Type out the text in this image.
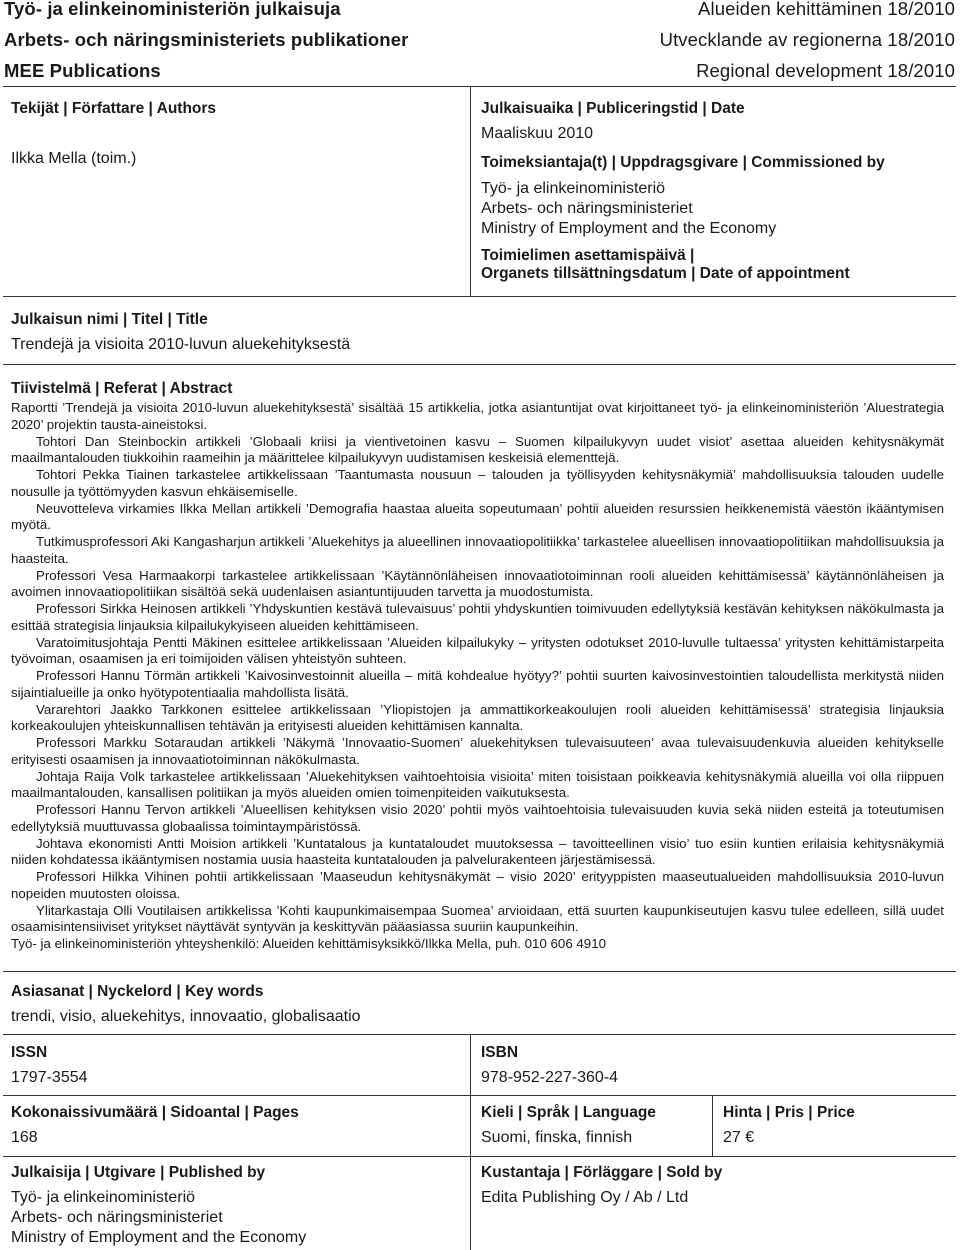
Työ- ja elinkeinoministeriön julkaisuja
Arbets- och näringsministeriets publikationer
MEE Publications
Alueiden kehittäminen 18/2010
Utvecklande av regionerna 18/2010
Regional development 18/2010
Tekijät | Författare | Authors
Ilkka Mella (toim.)
Julkaisuaika | Publiceringstid | Date
Maaliskuu 2010
Toimeksiantaja(t) | Uppdragsgivare | Commissioned by
Työ- ja elinkeinoministeriö
Arbets- och näringsministeriet
Ministry of Employment and the Economy
Toimielimen asettamispäivä |
Organets tillsättningsdatum | Date of appointment
Julkaisun nimi | Titel | Title
Trendejä ja visioita 2010-luvun aluekehityksestä
Tiivistelmä | Referat | Abstract

Raportti ’Trendejä ja visioita 2010-luvun aluekehityksestä’ sisältää 15 artikkelia, jotka asiantuntijat ovat kirjoittaneet työ- ja elinkeinoministeriön ’Aluestrategia 2020’ projektin tausta-aineistoksi.

Tohtori Dan Steinbockin artikkeli ’Globaali kriisi ja vientivetoinen kasvu – Suomen kilpailukyvyn uudet visiot’ asettaa alueiden kehitysnäkymät maailmantalouden tiukkoihin raameihin ja määrittelee kilpailukyvyn uudistamisen keskeisiä elementtejä.

Tohtori Pekka Tiainen tarkastelee artikkelissaan ’Taantumasta nousuun – talouden ja työllisyyden kehitysnäkymiä’ mahdollisuuksia talouden uudelle nousulle ja työttömyyden kasvun ehkäisemiselle.

Neuvotteleva virkamies Ilkka Mellan artikkeli ’Demografia haastaa alueita sopeutumaan’ pohtii alueiden resurssien heikkenemistä väestön ikääntymisen myötä.

Tutkimusprofessori Aki Kangasharjun artikkeli ’Aluekehitys ja alueellinen innovaatiopolitiikka’ tarkastelee alueellisen innovaatiopolitiikan mahdollisuuksia ja haasteita.

Professori Vesa Harmaakorpi tarkastelee artikkelissaan ’Käytännönläheisen innovaatiotoiminnan rooli alueiden kehittämisessä’ käytännönläheisen ja avoimen innovaatiopolitiikan sisältöä sekä uudenlaisen asiantuntijuuden tarvetta ja muodostumista.

Professori Sirkka Heinosen artikkeli ’Yhdyskuntien kestävä tulevaisuus’ pohtii yhdyskuntien toimivuuden edellytyksiä kestävän kehityksen näkökulmasta ja esittää strategisia linjauksia kilpailukykyiseen alueiden kehittämiseen.

Varatoimitusjohtaja Pentti Mäkinen esittelee artikkelissaan ’Alueiden kilpailukyky – yritysten odotukset 2010-luvulle tultaessa’ yritysten kehittämistarpeita työvoiman, osaamisen ja eri toimijoiden välisen yhteistyön suhteen.

Professori Hannu Törmän artikkeli ’Kaivosinvestoinnit alueilla – mitä kohdealue hyötyy?’ pohtii suurten kaivosinvestointien taloudellista merkitystä niiden sijaintialueille ja onko hyötypotentiaalia mahdollista lisätä.

Vararehtori Jaakko Tarkkonen esittelee artikkelissaan ’Yliopistojen ja ammattikorkeakoulujen rooli alueiden kehittämisessä’ strategisia linjauksia korkeakoulujen yhteiskunnallisen tehtävän ja erityisesti alueiden kehittämisen kannalta.

Professori Markku Sotaraudan artikkeli ’Näkymä ’Innovaatio-Suomen’ aluekehityksen tulevaisuuteen’ avaa tulevaisuudenkuvia alueiden kehitykselle erityisesti osaamisen ja innovaatiotoiminnan näkökulmasta.

Johtaja Raija Volk tarkastelee artikkelissaan ’Aluekehityksen vaihtoehtoisia visioita’ miten toisistaan poikkeavia kehitysnäkymiä alueilla voi olla riippuen maailmantalouden, kansallisen politiikan ja myös alueiden omien toimenpiteiden vaikutuksesta.

Professori Hannu Tervon artikkeli ’Alueellisen kehityksen visio 2020’ pohtii myös vaihtoehtoisia tulevaisuuden kuvia sekä niiden esteitä ja toteutumisen edellytyksiä muuttuvassa globaalissa toimintaympäristössä.

Johtava ekonomisti Antti Moision artikkeli ’Kuntatalous ja kuntataloudet muutoksessa – tavoitteellinen visio’ tuo esiin kuntien erilaisia kehitysnäkymiä niiden kohdatessa ikääntymisen nostamia uusia haasteita kuntatalouden ja palvelurakenteen järjestämisessä.

Professori Hilkka Vihinen pohtii artikkelissaan ’Maaseudun kehitysnäkymät – visio 2020’ erityyppisten maaseutualueiden mahdollisuuksia 2010-luvun nopeiden muutosten oloissa.

Ylitarkastaja Olli Voutilaisen artikkelissa ’Kohti kaupunkimaisempaa Suomea’ arvioidaan, että suurten kaupunkiseutujen kasvu tulee edelleen, sillä uudet osaamisintensiiviset yritykset näyttävät syntyvän ja keskittyvän pääasiassa suuriin kaupunkeihin.

Työ- ja elinkeinoministeriön yhteyshenkilö: Alueiden kehittämisyksikkö/Ilkka Mella, puh. 010 606 4910

Asiasanat | Nyckelord | Key words
trendi, visio, aluekehitys, innovaatio, globalisaatio
ISSN
1797-3554
ISBN
978-952-227-360-4
Kokonaissivumäärä | Sidoantal | Pages
168
Kieli | Språk | Language
Suomi, finska, finnish
Hinta | Pris | Price
27 €
Julkaisija | Utgivare | Published by
Työ- ja elinkeinoministeriö
Arbets- och näringsministeriet
Ministry of Employment and the Economy
Kustantaja | Förläggare | Sold by
Edita Publishing Oy / Ab / Ltd
